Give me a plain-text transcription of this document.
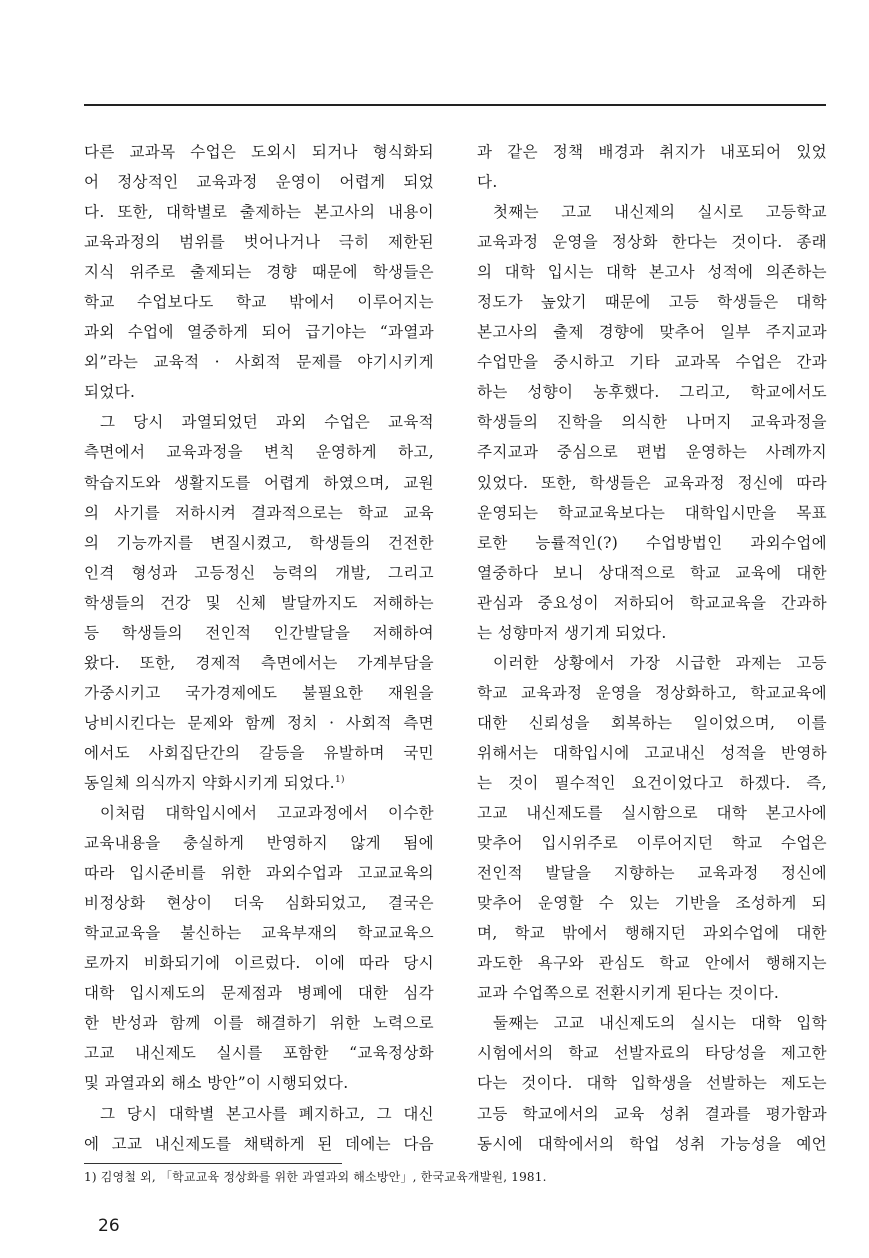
다른 교과목 수업은 도외시 되거나 형식화되
어 정상적인 교육과정 운영이 어렵게 되었
다. 또한, 대학별로 출제하는 본고사의 내용이
교육과정의 범위를 벗어나거나 극히 제한된
지식 위주로 출제되는 경향 때문에 학생들은
학교 수업보다도 학교 밖에서 이루어지는
과외 수업에 열중하게 되어 급기야는 “과열과
외”라는 교육적 · 사회적 문제를 야기시키게
되었다.
그 당시 과열되었던 과외 수업은 교육적
측면에서 교육과정을 변칙 운영하게 하고,
학습지도와 생활지도를 어렵게 하였으며, 교원
의 사기를 저하시켜 결과적으로는 학교 교육
의 기능까지를 변질시켰고, 학생들의 건전한
인격 형성과 고등정신 능력의 개발, 그리고
학생들의 건강 및 신체 발달까지도 저해하는
등 학생들의 전인적 인간발달을 저해하여
왔다. 또한, 경제적 측면에서는 가계부담을
가중시키고 국가경제에도 불필요한 재원을
낭비시킨다는 문제와 함께 정치 · 사회적 측면
에서도 사회집단간의 갈등을 유발하며 국민
동일체 의식까지 약화시키게 되었다.$^{1)}$
이처럼 대학입시에서 고교과정에서 이수한
교육내용을 충실하게 반영하지 않게 됨에
따라 입시준비를 위한 과외수업과 고교교육의
비정상화 현상이 더욱 심화되었고, 결국은
학교교육을 불신하는 교육부재의 학교교육으
로까지 비화되기에 이르렀다. 이에 따라 당시
대학 입시제도의 문제점과 병폐에 대한 심각
한 반성과 함께 이를 해결하기 위한 노력으로
고교 내신제도 실시를 포함한 “교육정상화
및 과열과외 해소 방안”이 시행되었다.
그 당시 대학별 본고사를 폐지하고, 그 대신
에 고교 내신제도를 채택하게 된 데에는 다음
과 같은 정책 배경과 취지가 내포되어 있었
다.
첫째는 고교 내신제의 실시로 고등학교
교육과정 운영을 정상화 한다는 것이다. 종래
의 대학 입시는 대학 본고사 성적에 의존하는
정도가 높았기 때문에 고등 학생들은 대학
본고사의 출제 경향에 맞추어 일부 주지교과
수업만을 중시하고 기타 교과목 수업은 간과
하는 성향이 농후했다. 그리고, 학교에서도
학생들의 진학을 의식한 나머지 교육과정을
주지교과 중심으로 편법 운영하는 사례까지
있었다. 또한, 학생들은 교육과정 정신에 따라
운영되는 학교교육보다는 대학입시만을 목표
로한 능률적인(?) 수업방법인 과외수업에
열중하다 보니 상대적으로 학교 교육에 대한
관심과 중요성이 저하되어 학교교육을 간과하
는 성향마저 생기게 되었다.
이러한 상황에서 가장 시급한 과제는 고등
학교 교육과정 운영을 정상화하고, 학교교육에
대한 신뢰성을 회복하는 일이었으며, 이를
위해서는 대학입시에 고교내신 성적을 반영하
는 것이 필수적인 요건이었다고 하겠다. 즉,
고교 내신제도를 실시함으로 대학 본고사에
맞추어 입시위주로 이루어지던 학교 수업은
전인적 발달을 지향하는 교육과정 정신에
맞추어 운영할 수 있는 기반을 조성하게 되
며, 학교 밖에서 행해지던 과외수업에 대한
과도한 욕구와 관심도 학교 안에서 행해지는
교과 수업쪽으로 전환시키게 된다는 것이다.
둘째는 고교 내신제도의 실시는 대학 입학
시험에서의 학교 선발자료의 타당성을 제고한
다는 것이다. 대학 입학생을 선발하는 제도는
고등 학교에서의 교육 성취 결과를 평가함과
동시에 대학에서의 학업 성취 가능성을 예언
1) 김영철 외, 「학교교육 정상화를 위한 과열과외 해소방안」, 한국교육개발원, 1981.
26
